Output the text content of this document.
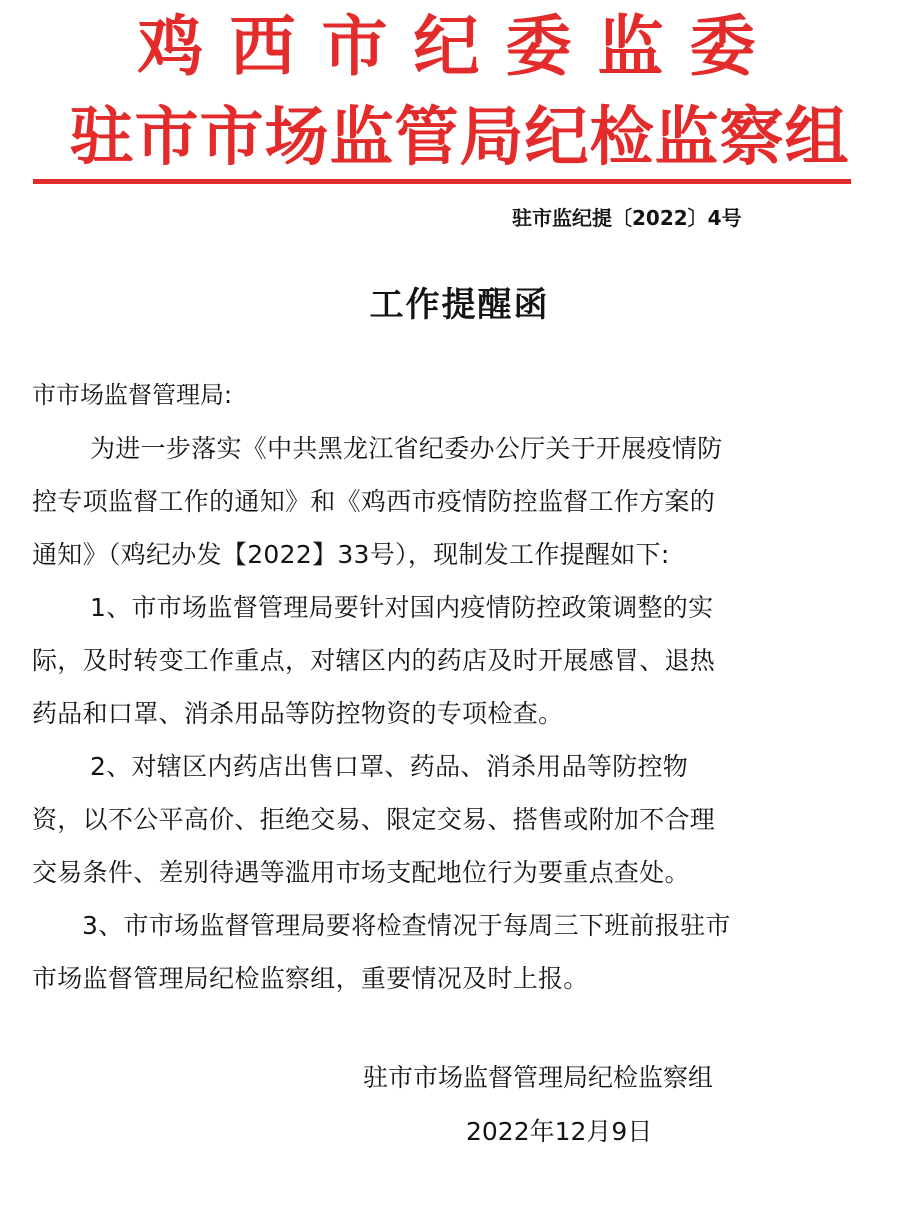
鸡西市纪委监委
驻市市场监管局纪检监察组
驻市监纪提〔2022〕4号
工作提醒函
市市场监督管理局:
为进一步落实《中共黑龙江省纪委办公厅关于开展疫情防
控专项监督工作的通知》和《鸡西市疫情防控监督工作方案的
通知》（鸡纪办发【2022】33号），现制发工作提醒如下:
1、市市场监督管理局要针对国内疫情防控政策调整的实
际，及时转变工作重点，对辖区内的药店及时开展感冒、退热
药品和口罩、消杀用品等防控物资的专项检查。
2、对辖区内药店出售口罩、药品、消杀用品等防控物
资，以不公平高价、拒绝交易、限定交易、搭售或附加不合理
交易条件、差别待遇等滥用市场支配地位行为要重点查处。
3、市市场监督管理局要将检查情况于每周三下班前报驻市
市场监督管理局纪检监察组，重要情况及时上报。
驻市市场监督管理局纪检监察组
2022年12月9日
